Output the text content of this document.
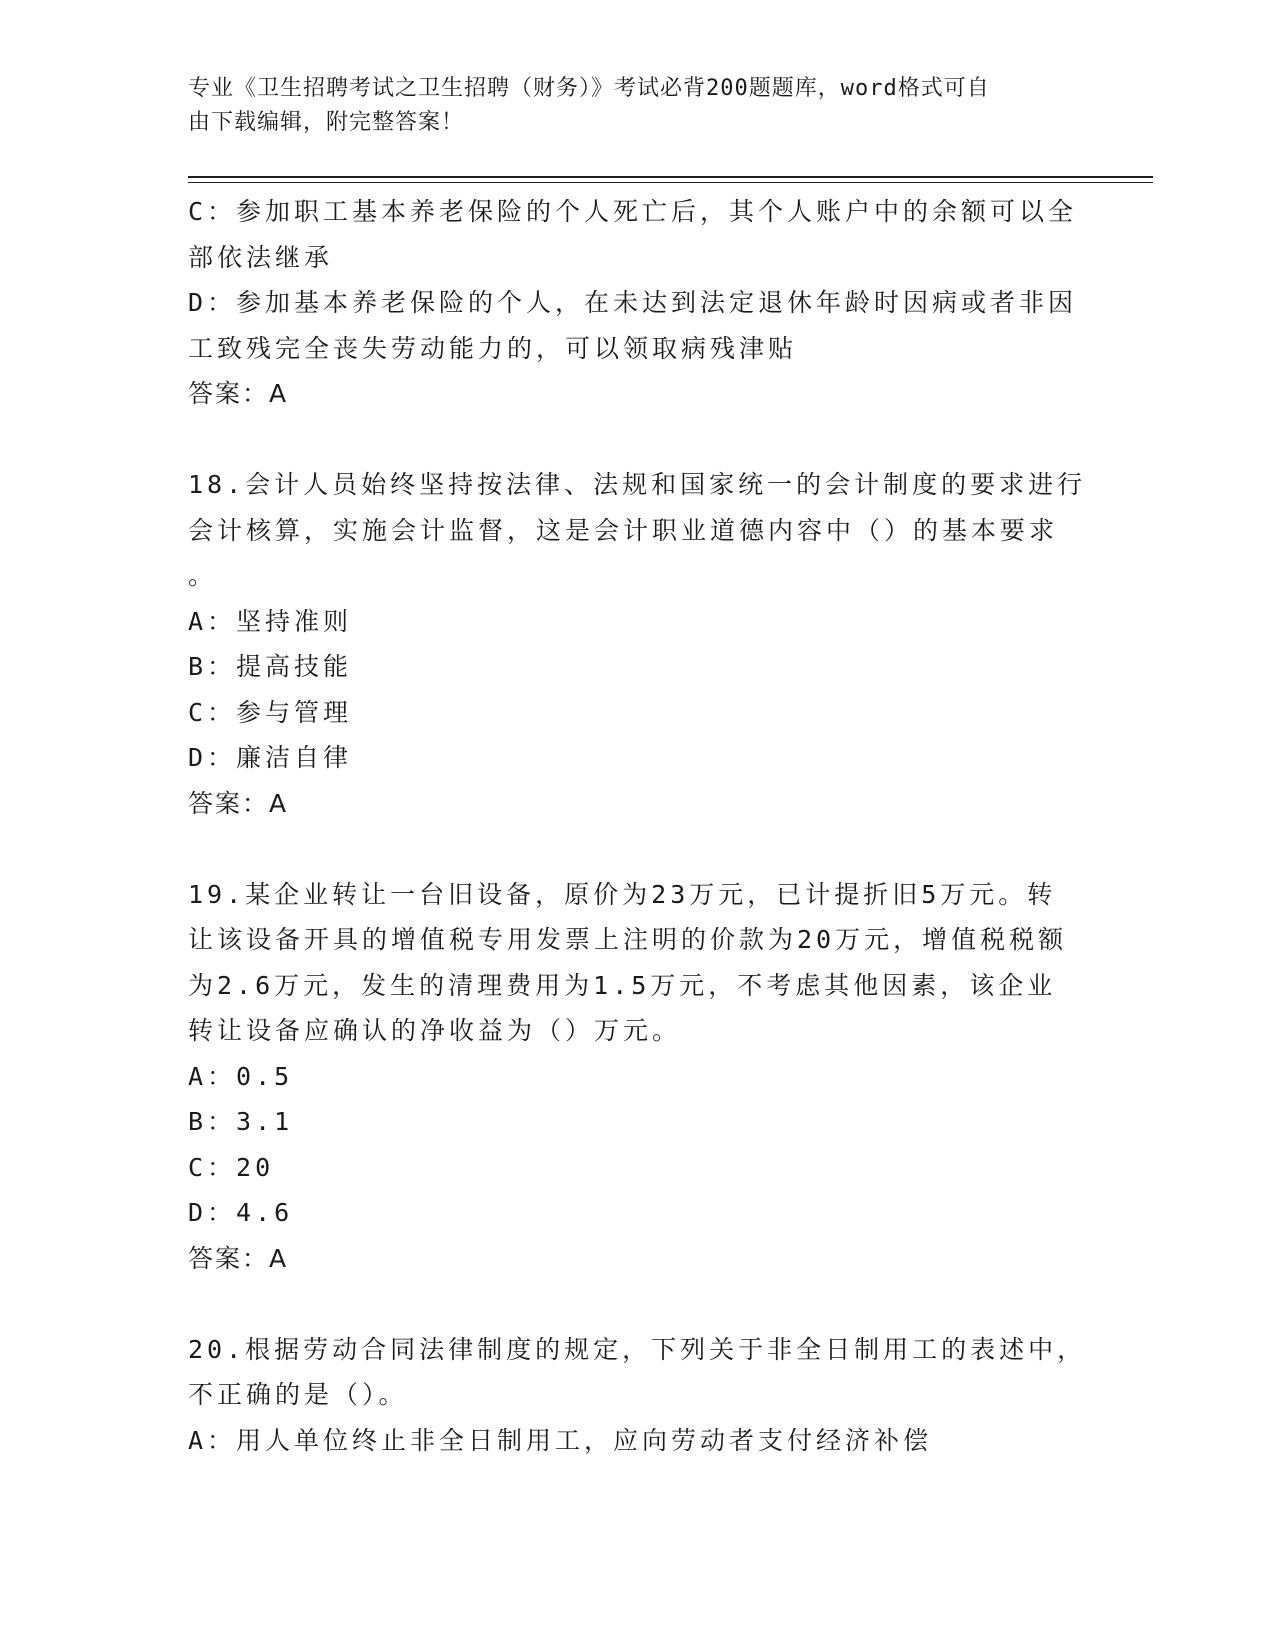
专业《卫生招聘考试之卫生招聘（财务）》考试必背200题题库，word格式可自
由下载编辑，附完整答案！
C：参加职工基本养老保险的个人死亡后，其个人账户中的余额可以全
部依法继承
D：参加基本养老保险的个人，在未达到法定退休年龄时因病或者非因
工致残完全丧失劳动能力的，可以领取病残津贴
答案：A
18.会计人员始终坚持按法律、法规和国家统一的会计制度的要求进行
会计核算，实施会计监督，这是会计职业道德内容中（）的基本要求
。
A：坚持准则
B：提高技能
C：参与管理
D：廉洁自律
答案：A
19.某企业转让一台旧设备，原价为23万元，已计提折旧5万元。转
让该设备开具的增值税专用发票上注明的价款为20万元，增值税税额
为2.6万元，发生的清理费用为1.5万元，不考虑其他因素，该企业
转让设备应确认的净收益为（）万元。
A：0.5
B：3.1
C：20
D：4.6
答案：A
20.根据劳动合同法律制度的规定，下列关于非全日制用工的表述中，
不正确的是（）。
A：用人单位终止非全日制用工，应向劳动者支付经济补偿
